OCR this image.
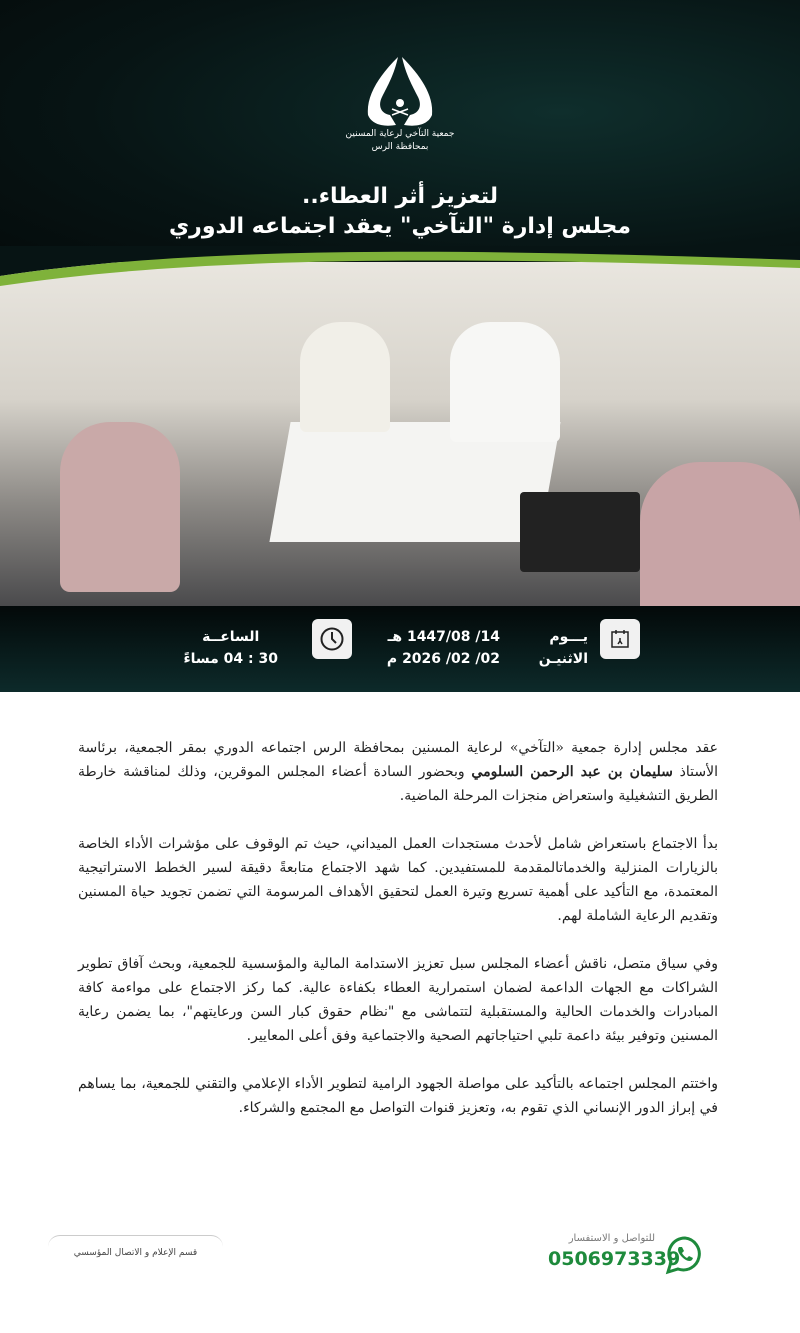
جمعية التآخي لرعاية المسنين
بمحافظة الرس
لتعزيز أثر العطاء..
مجلس إدارة "التآخي" يعقد اجتماعه الدوري
يـــوم
الاثنيـن
14/ 1447/08 هـ
02/ 02/ 2026 م
الساعــة
30 : 04 مساءً

عقد مجلس إدارة جمعية «التآخي» لرعاية المسنين بمحافظة الرس اجتماعه الدوري بمقر الجمعية، برئاسة الأستاذ سليمان بن عبد الرحمن السلومي وبحضور السادة أعضاء المجلس الموقرين، وذلك لمناقشة خارطة الطريق التشغيلية واستعراض منجزات المرحلة الماضية.

بدأ الاجتماع باستعراض شامل لأحدث مستجدات العمل الميداني، حيث تم الوقوف على مؤشرات الأداء الخاصة بالزيارات المنزلية والخدماتالمقدمة للمستفيدين. كما شهد الاجتماع متابعةً دقيقة لسير الخطط الاستراتيجية المعتمدة، مع التأكيد على أهمية تسريع وتيرة العمل لتحقيق الأهداف المرسومة التي تضمن تجويد حياة المسنين وتقديم الرعاية الشاملة لهم.

وفي سياق متصل، ناقش أعضاء المجلس سبل تعزيز الاستدامة المالية والمؤسسية للجمعية، وبحث آفاق تطوير الشراكات مع الجهات الداعمة لضمان استمرارية العطاء بكفاءة عالية. كما ركز الاجتماع على مواءمة كافة المبادرات والخدمات الحالية والمستقبلية لتتماشى مع "نظام حقوق كبار السن ورعايتهم"، بما يضمن رعاية المسنين وتوفير بيئة داعمة تلبي احتياجاتهم الصحية والاجتماعية وفق أعلى المعايير.

واختتم المجلس اجتماعه بالتأكيد على مواصلة الجهود الرامية لتطوير الأداء الإعلامي والتقني للجمعية، بما يساهم في إبراز الدور الإنساني الذي تقوم به، وتعزيز قنوات التواصل مع المجتمع والشركاء.

قسم الإعلام و الاتصال المؤسسي
للتواصل و الاستفسار
0506973339
